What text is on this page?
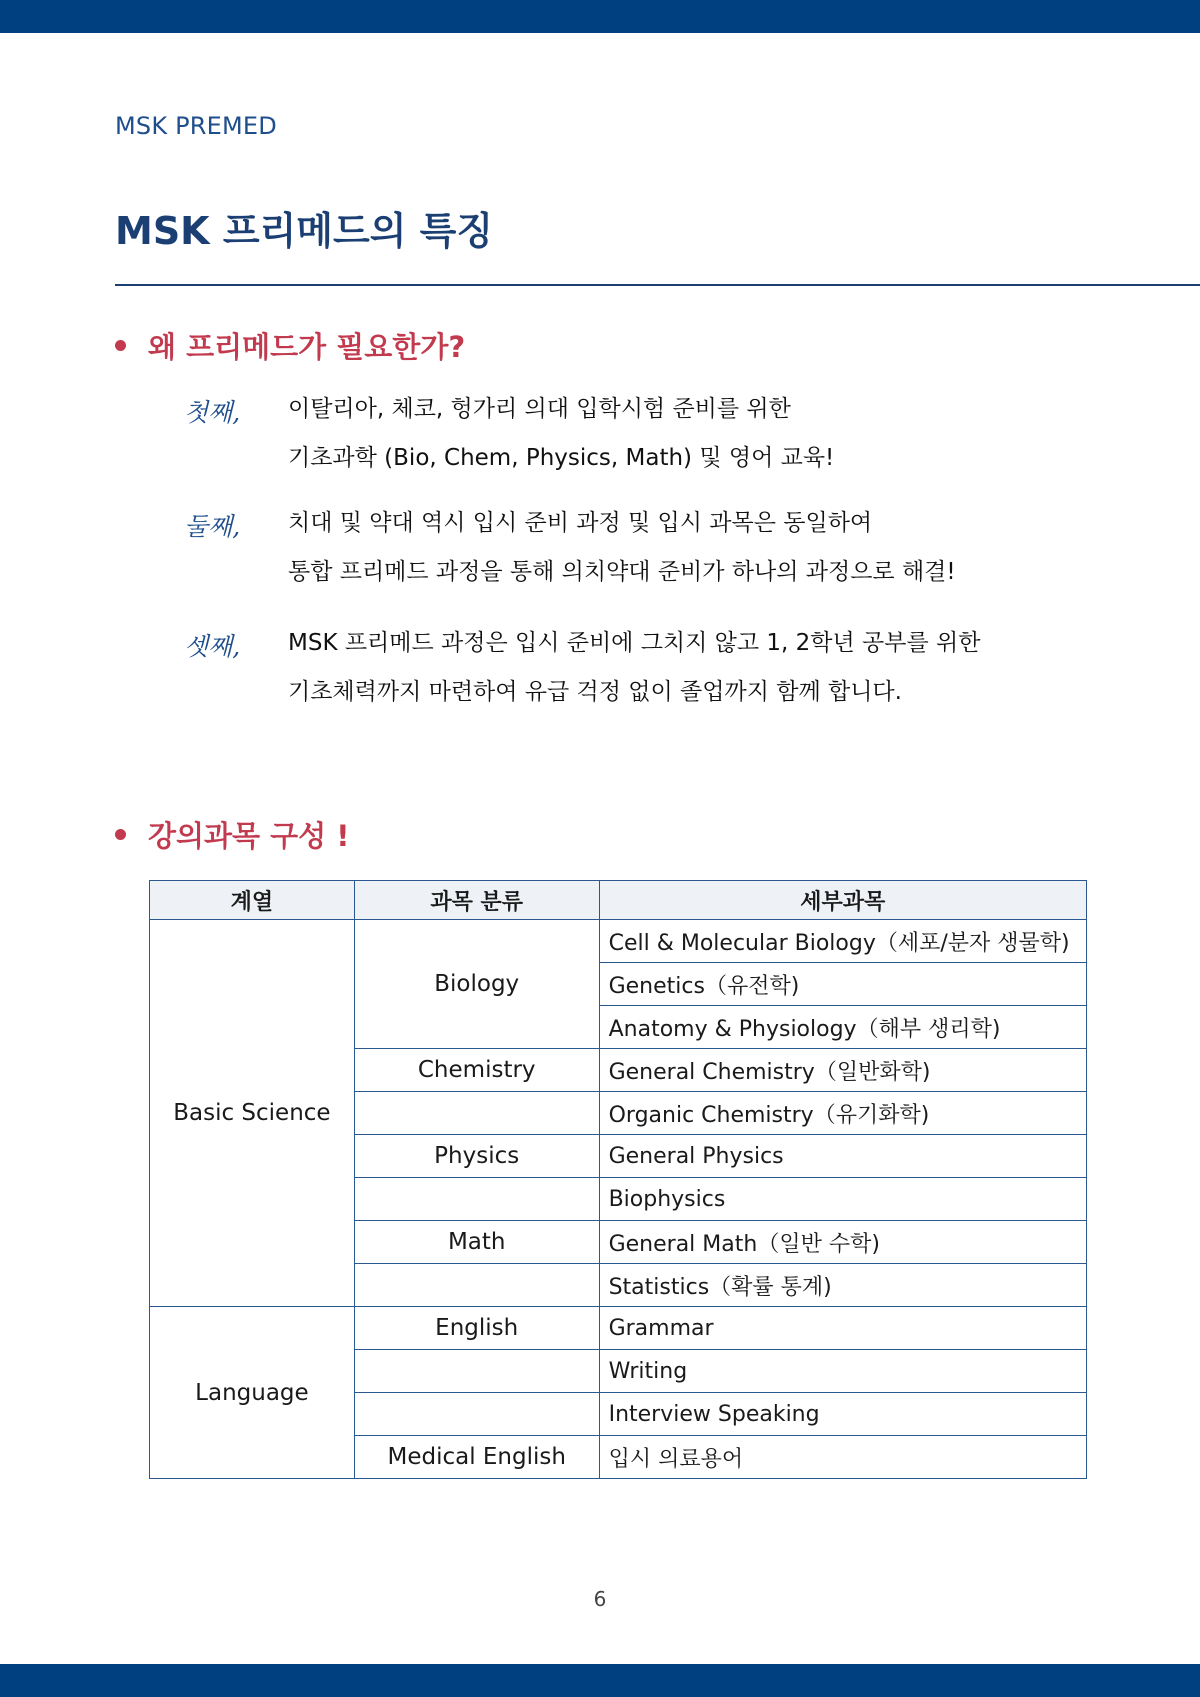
MSK PREMED
MSK 프리메드의 특징
왜 프리메드가 필요한가?
첫째, 이탈리아, 체코, 헝가리 의대 입학시험 준비를 위한
기초과학 (Bio, Chem, Physics, Math) 및 영어 교육!
둘째, 치대 및 약대 역시 입시 준비 과정 및 입시 과목은 동일하여
통합 프리메드 과정을 통해 의치약대 준비가 하나의 과정으로 해결!
셋째, MSK 프리메드 과정은 입시 준비에 그치지 않고 1, 2학년 공부를 위한
기초체력까지 마련하여 유급 걱정 없이 졸업까지 함께 합니다.
강의과목 구성 !
계열	과목 분류	세부과목
Basic Science	Biology	Cell & Molecular Biology（세포/분자 생물학)
		Genetics（유전학)
		Anatomy & Physiology（해부 생리학)
	Chemistry	General Chemistry（일반화학)
		Organic Chemistry（유기화학)
	Physics	General Physics
		Biophysics
	Math	General Math（일반 수학)
		Statistics（확률 통계)
Language	English	Grammar
		Writing
		Interview Speaking
	Medical English	입시 의료용어
6
